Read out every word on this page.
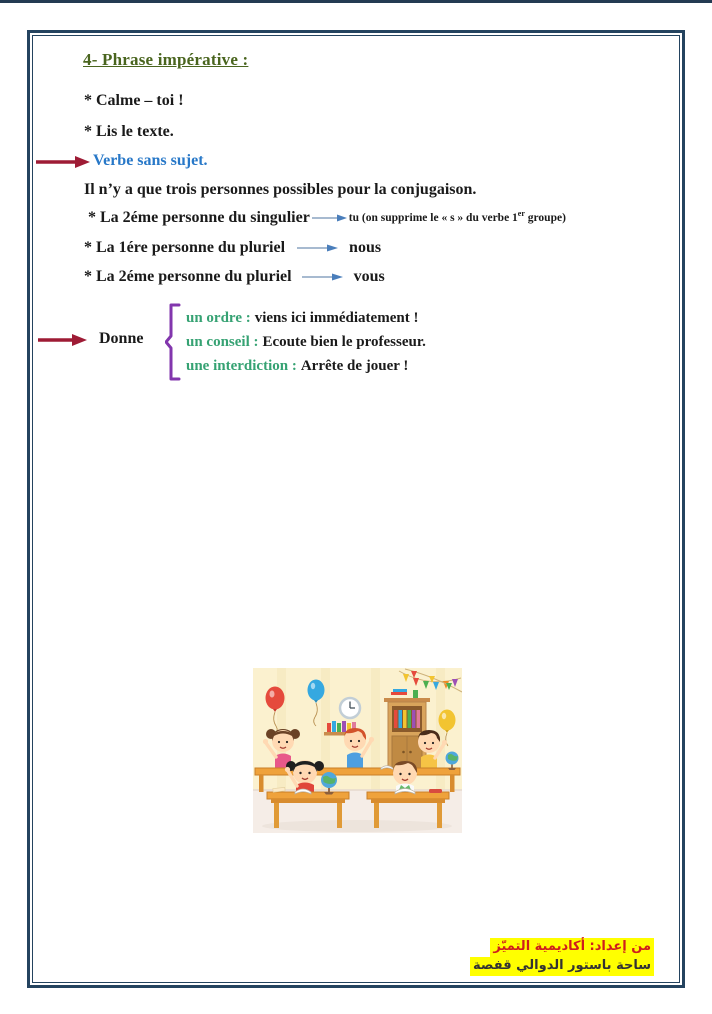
4- Phrase impérative :
* Calme – toi !
* Lis le texte.
Verbe sans sujet.
Il n’y a que trois personnes possibles pour la conjugaison.
* La 2éme personne du singulier	tu (on supprime le « s » du verbe 1er groupe)
* La 1ére personne du pluriel	nous
* La 2éme personne du pluriel	vous
Donne
un ordre : viens ici immédiatement !
un conseil : Ecoute bien le professeur.
une interdiction : Arrête de jouer !
من إعداد: أكاديمية التميّز
ساحة باستور الدوالي قفصة
